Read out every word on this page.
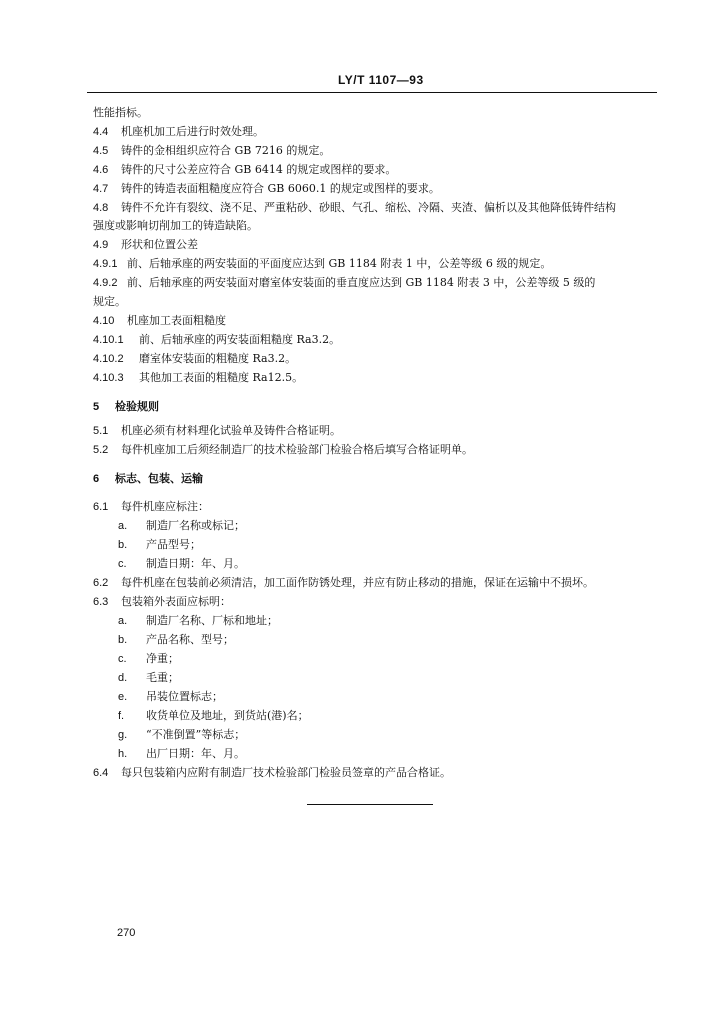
LY/T 1107—93
性能指标。
4.4 机座机加工后进行时效处理。
4.5 铸件的金相组织应符合 GB 7216 的规定。
4.6 铸件的尺寸公差应符合 GB 6414 的规定或图样的要求。
4.7 铸件的铸造表面粗糙度应符合 GB 6060.1 的规定或图样的要求。
4.8 铸件不允许有裂纹、浇不足、严重粘砂、砂眼、气孔、缩松、冷隔、夹渣、偏析以及其他降低铸件结构
强度或影响切削加工的铸造缺陷。
4.9 形状和位置公差
4.9.1 前、后轴承座的两安装面的平面度应达到 GB 1184 附表 1 中，公差等级 6 级的规定。
4.9.2 前、后轴承座的两安装面对磨室体安装面的垂直度应达到 GB 1184 附表 3 中，公差等级 5 级的
规定。
4.10 机座加工表面粗糙度
4.10.1 前、后轴承座的两安装面粗糙度 Ra3.2。
4.10.2 磨室体安装面的粗糙度 Ra3.2。
4.10.3 其他加工表面的粗糙度 Ra12.5。
5 检验规则
5.1 机座必须有材料理化试验单及铸件合格证明。
5.2 每件机座加工后须经制造厂的技术检验部门检验合格后填写合格证明单。
6 标志、包装、运输
6.1 每件机座应标注：
a. 制造厂名称或标记；
b. 产品型号；
c. 制造日期：年、月。
6.2 每件机座在包装前必须清洁，加工面作防锈处理，并应有防止移动的措施，保证在运输中不损坏。
6.3 包装箱外表面应标明：
a. 制造厂名称、厂标和地址；
b. 产品名称、型号；
c. 净重；
d. 毛重；
e. 吊装位置标志；
f. 收货单位及地址，到货站(港)名；
g. “不准倒置”等标志；
h. 出厂日期：年、月。
6.4 每只包装箱内应附有制造厂技术检验部门检验员签章的产品合格证。
270
